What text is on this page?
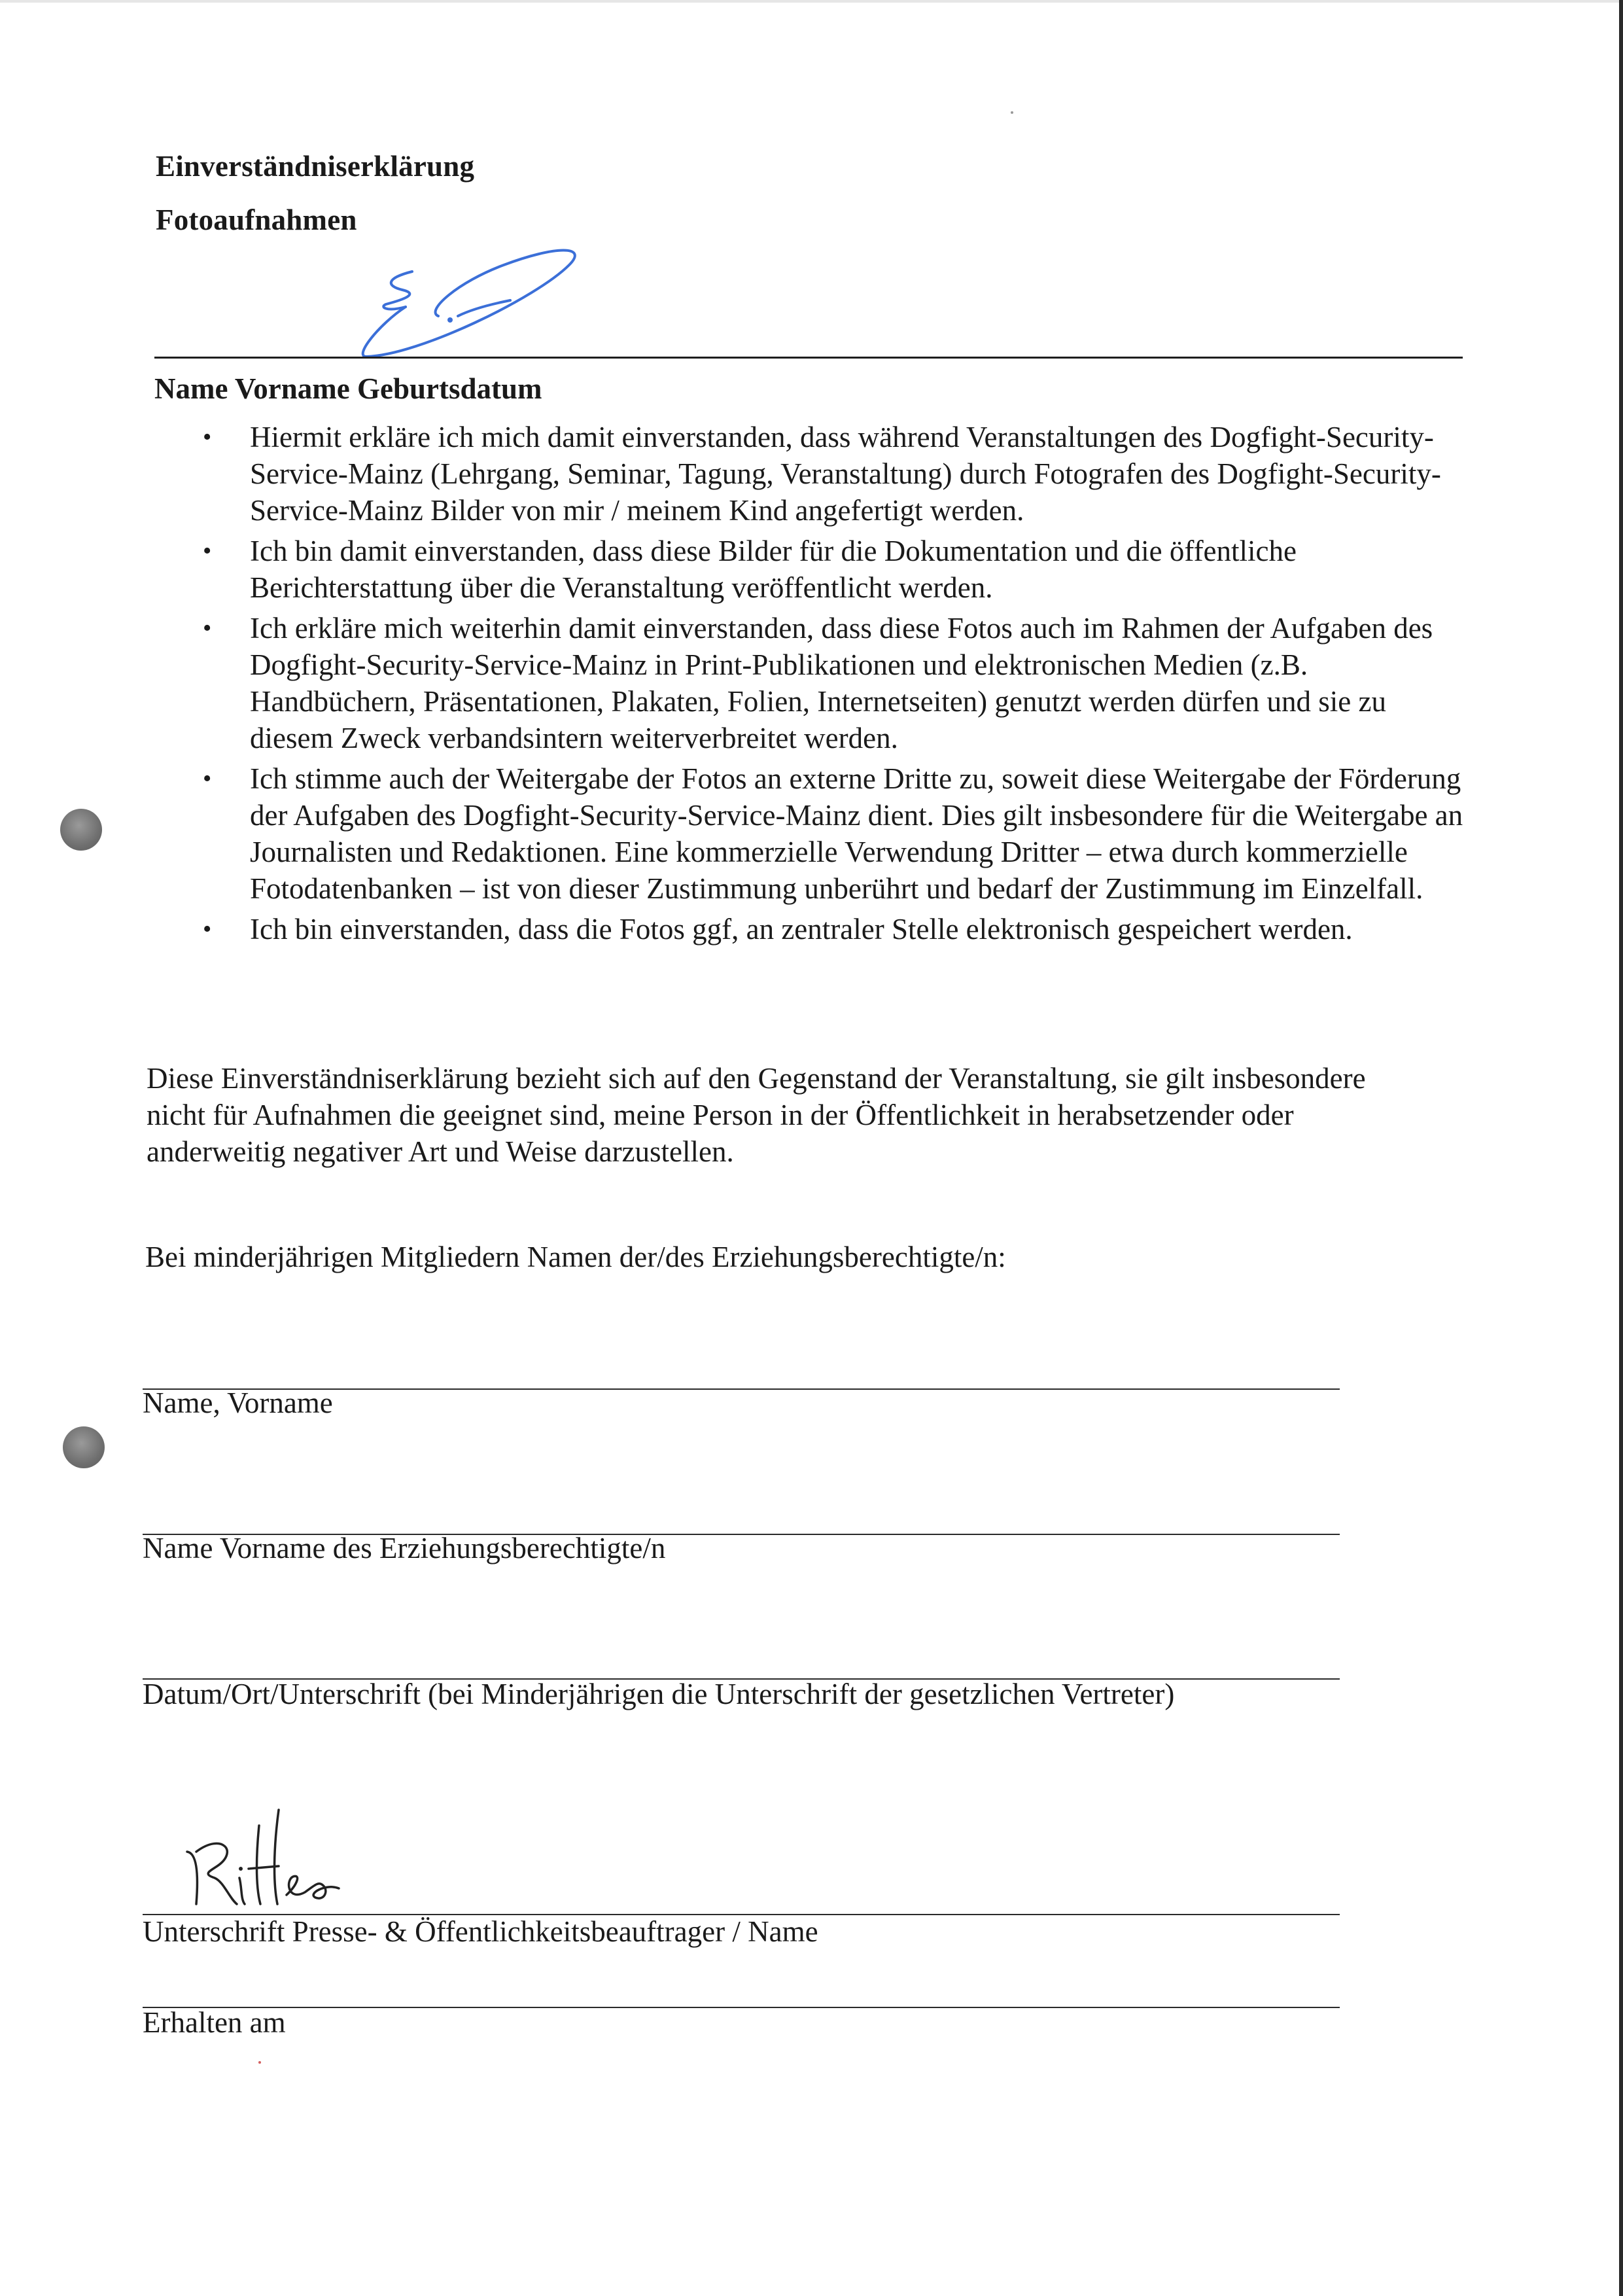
Einverständniserklärung
Fotoaufnahmen
Name Vorname Geburtsdatum
• Hiermit erkläre ich mich damit einverstanden, dass während Veranstaltungen des Dogfight-Security-Service-Mainz (Lehrgang, Seminar, Tagung, Veranstaltung) durch Fotografen des Dogfight-Security-Service-Mainz Bilder von mir / meinem Kind angefertigt werden.
• Ich bin damit einverstanden, dass diese Bilder für die Dokumentation und die öffentliche Berichterstattung über die Veranstaltung veröffentlicht werden.
• Ich erkläre mich weiterhin damit einverstanden, dass diese Fotos auch im Rahmen der Aufgaben des Dogfight-Security-Service-Mainz in Print-Publikationen und elektronischen Medien (z.B. Handbüchern, Präsentationen, Plakaten, Folien, Internetseiten) genutzt werden dürfen und sie zu diesem Zweck verbandsintern weiterverbreitet werden.
• Ich stimme auch der Weitergabe der Fotos an externe Dritte zu, soweit diese Weitergabe der Förderung der Aufgaben des Dogfight-Security-Service-Mainz dient. Dies gilt insbesondere für die Weitergabe an Journalisten und Redaktionen. Eine kommerzielle Verwendung Dritter – etwa durch kommerzielle Fotodatenbanken – ist von dieser Zustimmung unberührt und bedarf der Zustimmung im Einzelfall.
• Ich bin einverstanden, dass die Fotos ggf, an zentraler Stelle elektronisch gespeichert werden.
Diese Einverständniserklärung bezieht sich auf den Gegenstand der Veranstaltung, sie gilt insbesondere nicht für Aufnahmen die geeignet sind, meine Person in der Öffentlichkeit in herabsetzender oder anderweitig negativer Art und Weise darzustellen.
Bei minderjährigen Mitgliedern Namen der/des Erziehungsberechtigte/n:
Name, Vorname
Name Vorname des Erziehungsberechtigte/n
Datum/Ort/Unterschrift (bei Minderjährigen die Unterschrift der gesetzlichen Vertreter)
Unterschrift Presse- & Öffentlichkeitsbeauftrager / Name
Erhalten am
